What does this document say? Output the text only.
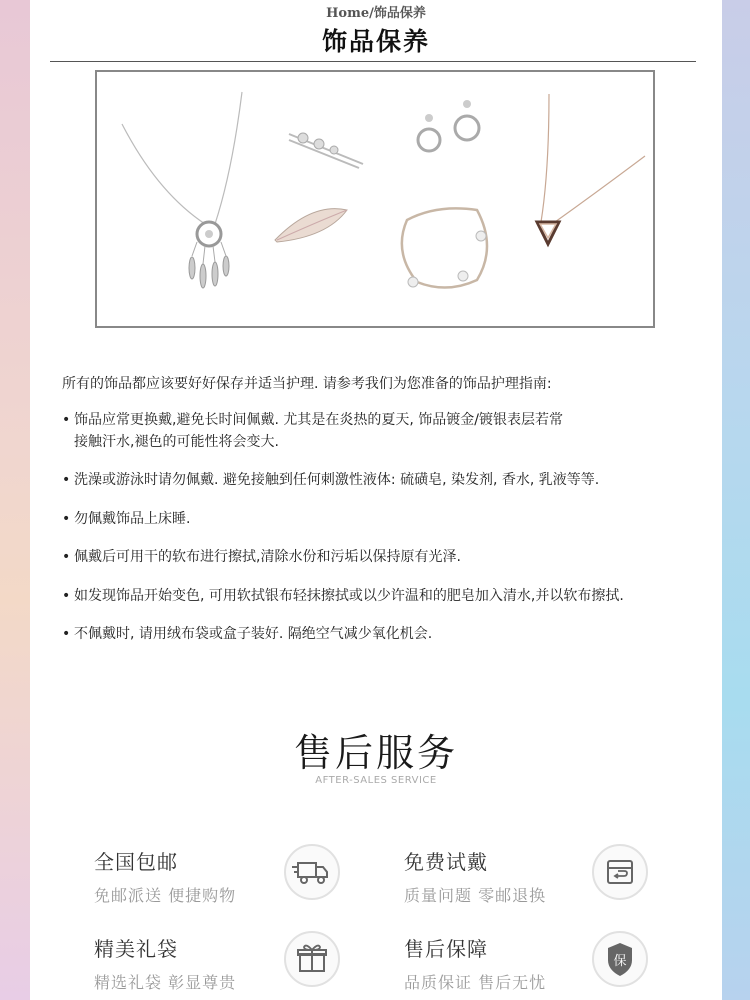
Home/饰品保养
饰品保养

所有的饰品都应该要好好保存并适当护理. 请参考我们为您准备的饰品护理指南:

• 饰品应常更换戴,避免长时间佩戴. 尤其是在炎热的夏天, 饰品镀金/镀银表层若常
接触汗水,褪色的可能性将会变大.
• 洗澡或游泳时请勿佩戴. 避免接触到任何刺激性液体: 硫磺皂, 染发剂, 香水, 乳液等等.
• 勿佩戴饰品上床睡.
• 佩戴后可用干的软布进行擦拭,清除水份和污垢以保持原有光泽.
• 如发现饰品开始变色, 可用软拭银布轻抹擦拭或以少许温和的肥皂加入清水,并以软布擦拭.
• 不佩戴时, 请用绒布袋或盒子装好. 隔绝空气减少氧化机会.
售后服务
AFTER-SALES SERVICE
全国包邮
免邮派送 便捷购物
免费试戴
质量问题 零邮退换
精美礼袋
精选礼袋 彰显尊贵
售后保障
品质保证 售后无忧
保
